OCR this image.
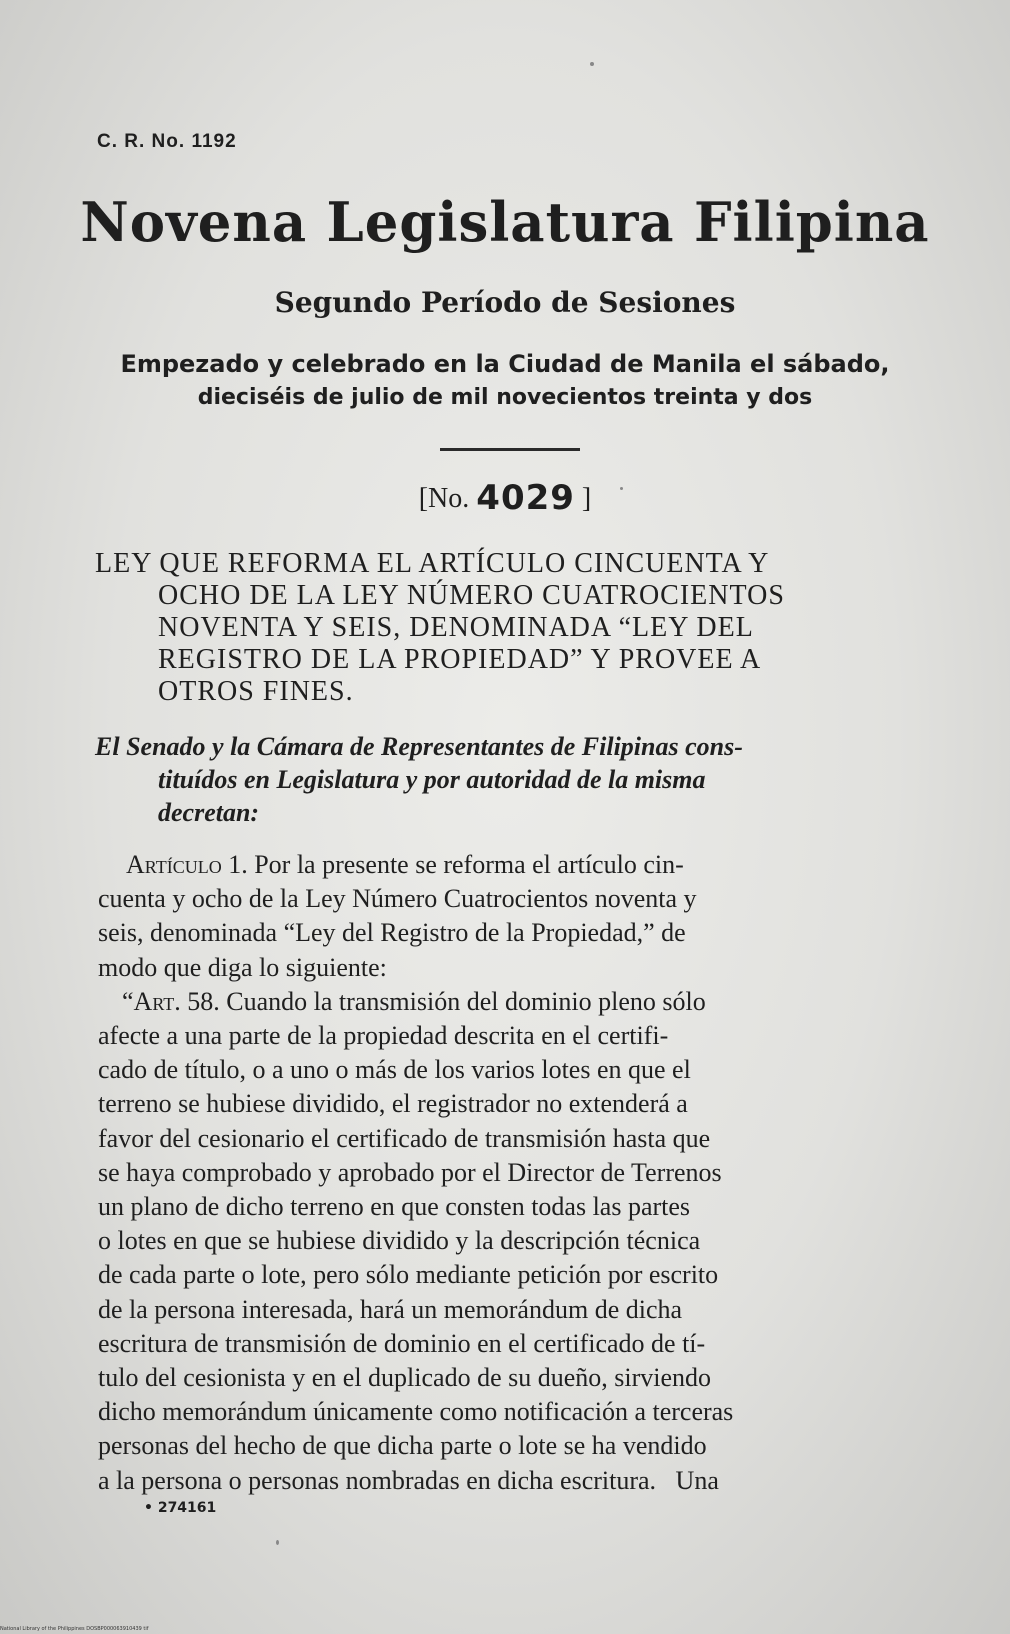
C. R. No. 1192
Novena Legislatura Filipina
Segundo Período de Sesiones
Empezado y celebrado en la Ciudad de Manila el sábado,
dieciséis de julio de mil novecientos treinta y dos
[No. 4029 ]
LEY QUE REFORMA EL ARTÍCULO CINCUENTA Y
OCHO DE LA LEY NÚMERO CUATROCIENTOS
NOVENTA Y SEIS, DENOMINADA “LEY DEL
REGISTRO DE LA PROPIEDAD” Y PROVEE A
OTROS FINES.
El Senado y la Cámara de Representantes de Filipinas cons-
tituídos en Legislatura y por autoridad de la misma
decretan:
Artículo 1. Por la presente se reforma el artículo cin-
cuenta y ocho de la Ley Número Cuatrocientos noventa y
seis, denominada “Ley del Registro de la Propiedad,” de
modo que diga lo siguiente:
“Art. 58. Cuando la transmisión del dominio pleno sólo
afecte a una parte de la propiedad descrita en el certifi-
cado de título, o a uno o más de los varios lotes en que el
terreno se hubiese dividido, el registrador no extenderá a
favor del cesionario el certificado de transmisión hasta que
se haya comprobado y aprobado por el Director de Terrenos
un plano de dicho terreno en que consten todas las partes
o lotes en que se hubiese dividido y la descripción técnica
de cada parte o lote, pero sólo mediante petición por escrito
de la persona interesada, hará un memorándum de dicha
escritura de transmisión de dominio en el certificado de tí-
tulo del cesionista y en el duplicado de su dueño, sirviendo
dicho memorándum únicamente como notificación a terceras
personas del hecho de que dicha parte o lote se ha vendido
a la persona o personas nombradas en dicha escritura.   Una
• 274161
National Library of the Philippines DOSBP000063910439 tif
